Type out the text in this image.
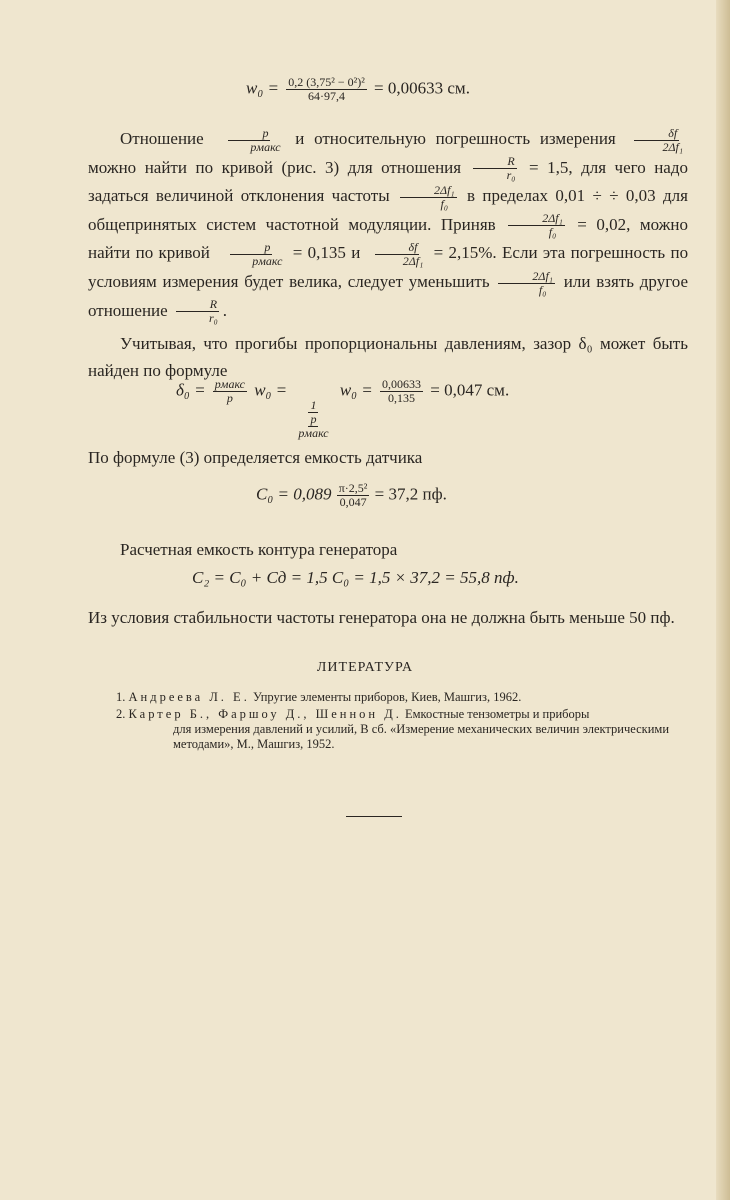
$w_0 = \frac{\text{0,2 (3,75² − 0²)²}}{64\cdot 97,4} = 0,00633$ см.
Отношение $\frac{p}{\text{pмакс}}$ и относительную погрешность измерения $\frac{\delta f}{\text{2Δf₁}}$
можно найти по кривой (рис. 3) для отношения $\frac{R}{\text{r₀}} = 1,5$, для чего надо задаться величиной отклонения частоты $\frac{\text{2Δf₁}}{\text{f₀}}$ в пределах 0,01 ÷ ÷ 0,03 для общепринятых систем частотной модуляции. Приняв $\frac{\text{2Δf₁}}{\text{f₀}} = 0,02$, можно найти по кривой $\frac{p}{\text{pмакс}} = 0,135$ и $\frac{\delta f}{\text{2Δf₁}} = 2,15\%$. Если эта погрешность по условиям измерения будет велика, следует уменьшить $\frac{\text{2Δf₁}}{\text{f₀}}$ или взять другое отношение $\frac{R}{\text{r₀}}$ .
Учитывая, что прогибы пропорциональны давлениям, зазор δ₀ может быть найден по формуле
$\delta_0 = \frac{\text{pмакс}}{p} w_0$ =
$\frac{1}{\frac{p}{\text{pмакс}}}$
$w_0 = \frac{0,00633}{0,135} = 0,047$ см.
По формуле (3) определяется емкость датчика
$C_0 = 0,089 \frac{\text{π·2,5²}}{0,047} = 37,2$ пф.
Расчетная емкость контура генератора
C₂ = C₀ + Cд = 1,5 C₀ = 1,5 × 37,2 = 55,8 пф.
Из условия стабильности частоты генератора она не должна быть меньше 50 пф.
ЛИТЕРАТУРА
1. Андреева Л. Е. Упругие элементы приборов, Киев, Машгиз, 1962.
2. Картер Б., Фаршоу Д., Шеннон Д. Емкостные тензометры и приборы
для измерения давлений и усилий, В сб. «Измерение механических величин электрическими методами», М., Машгиз, 1952.
